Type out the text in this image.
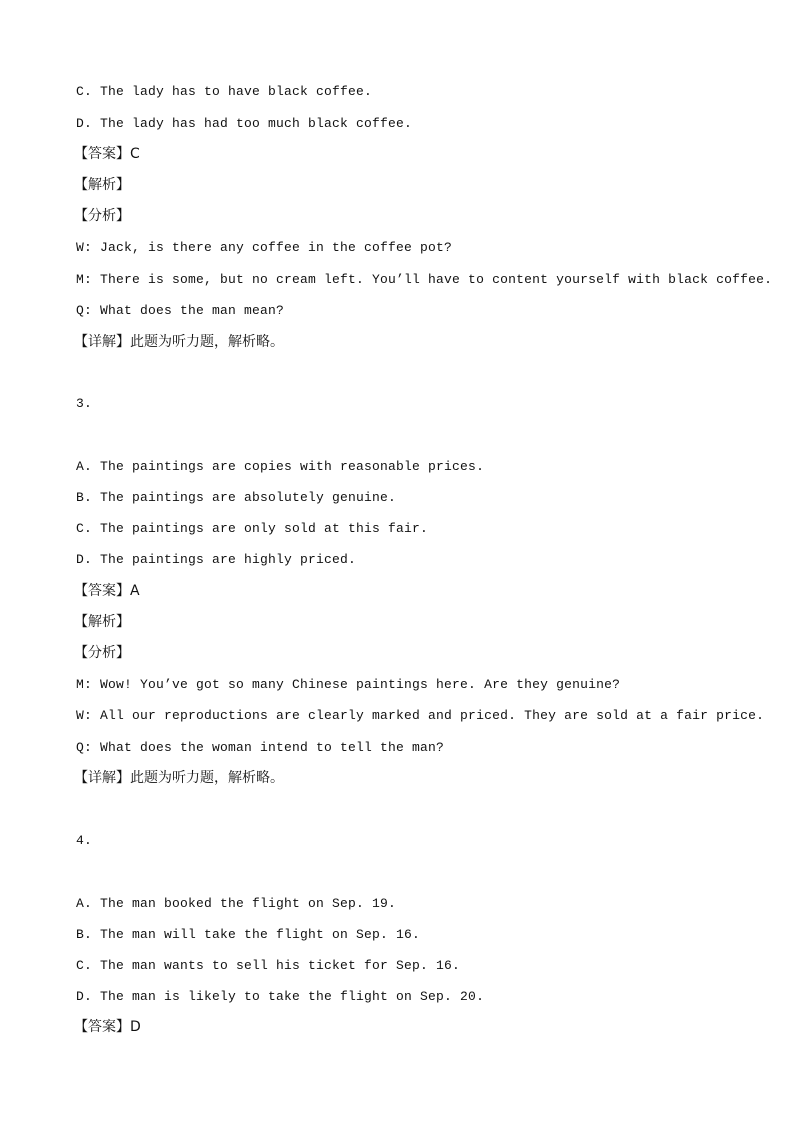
C. The lady has to have black coffee.
D. The lady has had too much black coffee.
【答案】C
【解析】
【分析】
W: Jack, is there any coffee in the coffee pot?
M: There is some, but no cream left. You’ll have to content yourself with black coffee.
Q: What does the man mean?
【详解】此题为听力题，解析略。
3.
A. The paintings are copies with reasonable prices.
B. The paintings are absolutely genuine.
C. The paintings are only sold at this fair.
D. The paintings are highly priced.
【答案】A
【解析】
【分析】
M: Wow! You’ve got so many Chinese paintings here. Are they genuine?
W: All our reproductions are clearly marked and priced. They are sold at a fair price.
Q: What does the woman intend to tell the man?
【详解】此题为听力题，解析略。
4.
A. The man booked the flight on Sep. 19.
B. The man will take the flight on Sep. 16.
C. The man wants to sell his ticket for Sep. 16.
D. The man is likely to take the flight on Sep. 20.
【答案】D
